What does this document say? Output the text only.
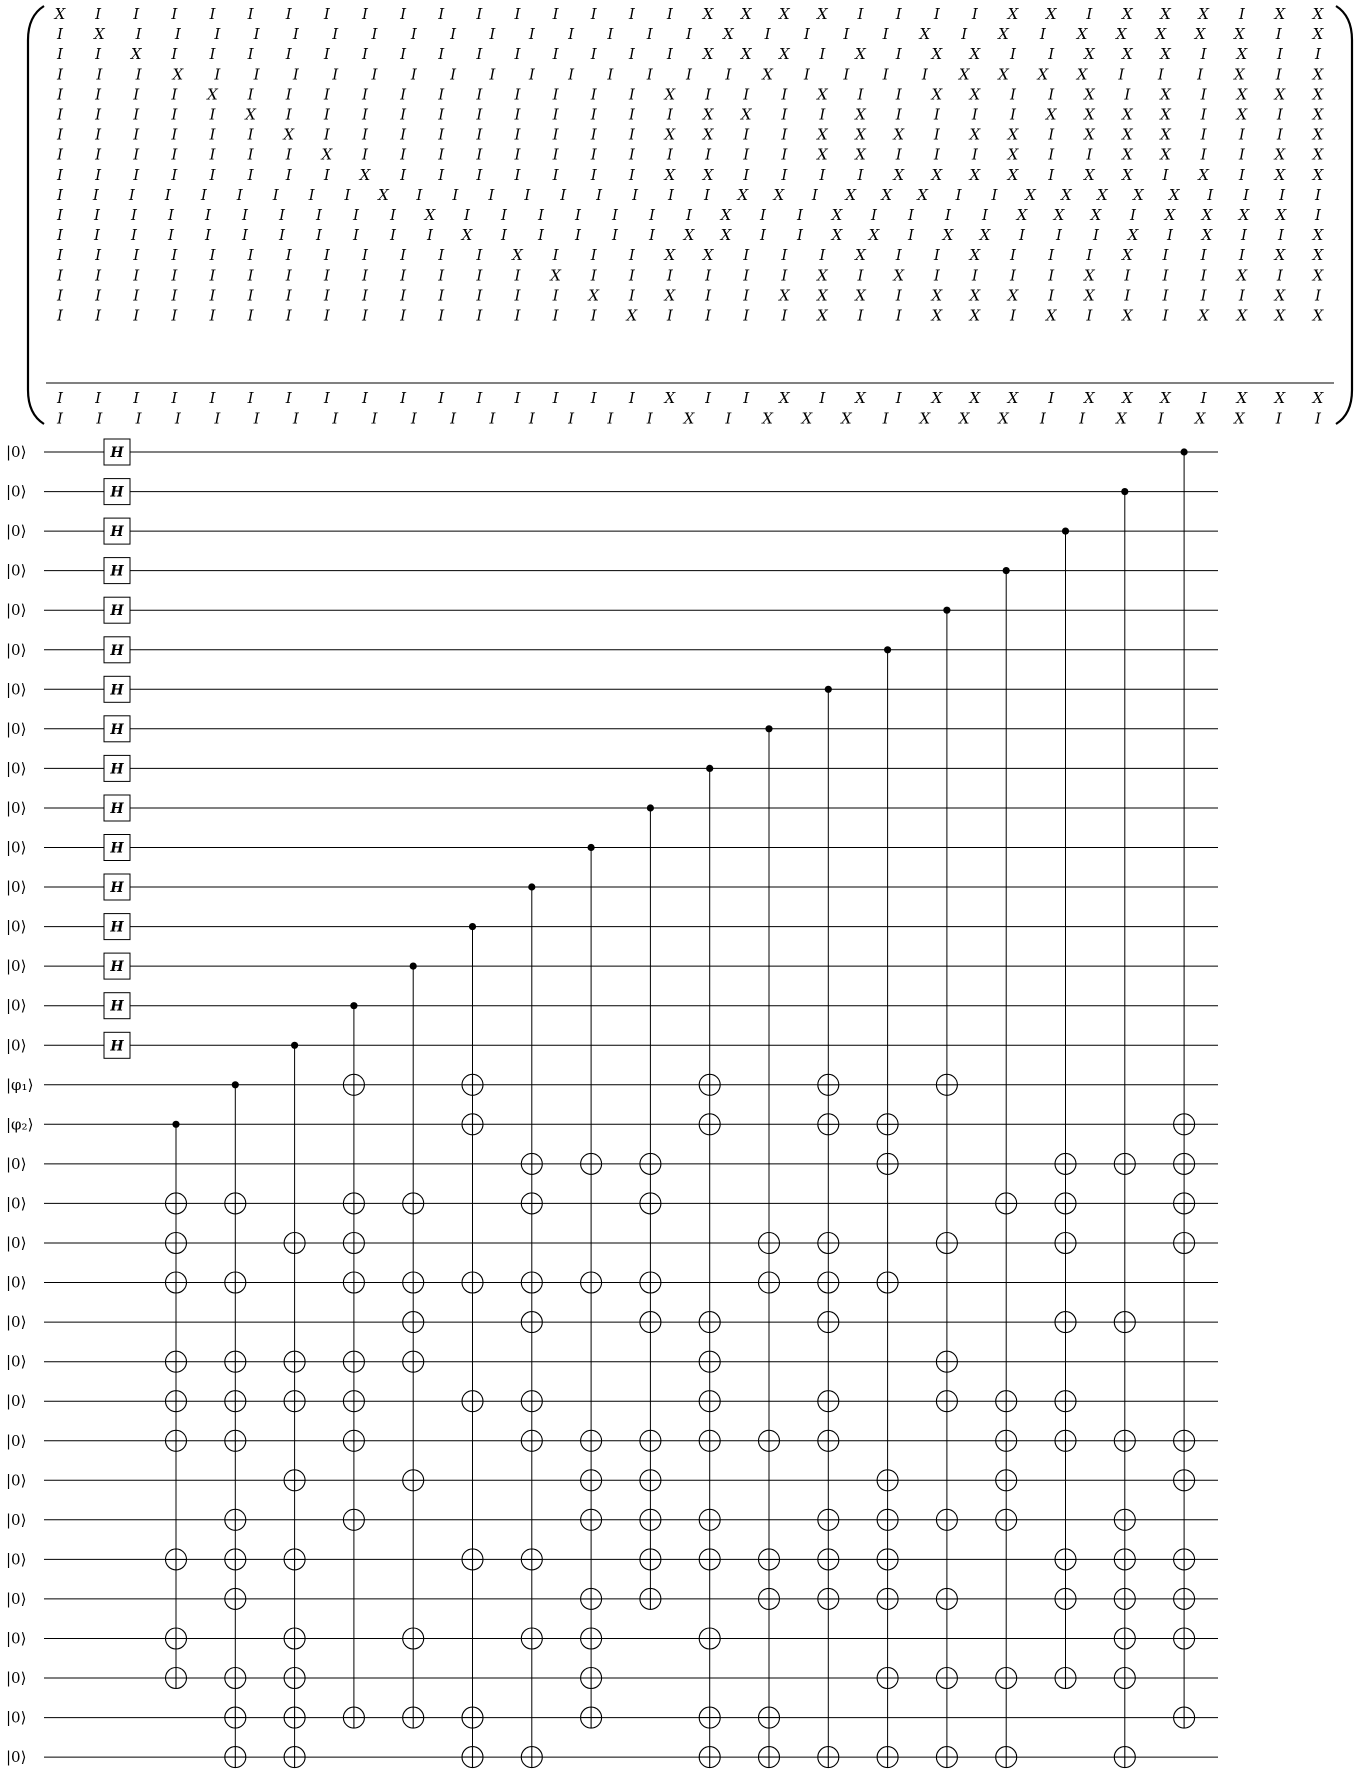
X I I I I I I I I I I I I I I I I X X X X I I I I X X I X X X I X X
I X I I I I I I I I I I I I I I I X I I I I X I X I X X X X X I X
I I X I I I I I I I I I I I I I I X X X I X I X X I I X X X I X I I
I I I X I I I I I I I I I I I I I I X I I I I X X X X I I I X I X
I I I I X I I I I I I I I I I I X I I I X I I X X I I X I X I X X X
I I I I I X I I I I I I I I I I I X X I I X I I I I X X X X I X I X
I I I I I I X I I I I I I I I I X X I I X X X I X X I X X X I I I X
I I I I I I I X I I I I I I I I I I I I X X I I I X I I X X I I X X
I I I I I I I I X I I I I I I I X X I I I I X X X X I X X I X I X X
I I I I I I I I I X I I I I I I I I I X X I X X X I I X X X X X I I I I
I I I I I I I I I I X I I I I I I I X I I X I I I I X X X I X X X X I
I I I I I I I I I I I X I I I I I X X I I X X I X X I I I X I X I I X
I I I I I I I I I I I I X I I I X X I I I X I I X I I I X I I I X X
I I I I I I I I I I I I I X I I I I I I X I X I I I I X I I I X I X
I I I I I I I I I I I I I I X I X I I X X X I X X X I X I I I I X I
I I I I I I I I I I I I I I I X I I I I X I I X X I X I X I X X X X
I I I I I I I I I I I I I I I I X I I X I X I X X X I X X X I X X X
I I I I I I I I I I I I I I I I X I X X X I X X X I I X I X X I I
H
H
H
H
H
H
H
H
H
H
H
H
H
H
H
H
|0⟩
|0⟩
|0⟩
|0⟩
|0⟩
|0⟩
|0⟩
|0⟩
|0⟩
|0⟩
|0⟩
|0⟩
|0⟩
|0⟩
|0⟩
|0⟩
|φ₁⟩
|φ₂⟩
|0⟩
|0⟩
|0⟩
|0⟩
|0⟩
|0⟩
|0⟩
|0⟩
|0⟩
|0⟩
|0⟩
|0⟩
|0⟩
|0⟩
|0⟩
|0⟩
